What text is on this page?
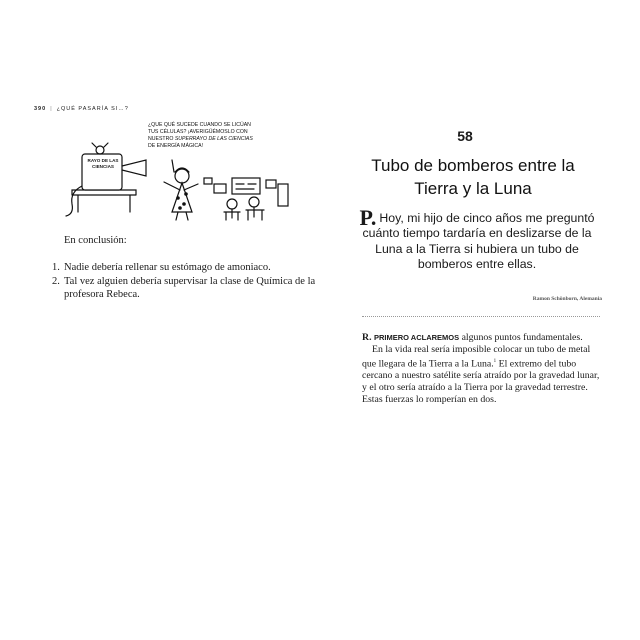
390 | ¿QUÉ PASARÍA SI…?
¿QUE QUÉ SUCEDE CUANDO SE LICÚAN
TUS CÉLULAS? ¡AVERIGÜÉMOSLO CON
NUESTRO SUPERRAYO DE LAS CIENCIAS
DE ENERGÍA MÁGICA!
RAYO DE LAS CIENCIAS
En conclusión:
1. Nadie debería rellenar su estómago de amoniaco.
2. Tal vez alguien debería supervisar la clase de Química de la profesora Rebeca.
58
Tubo de bomberos entre la Tierra y la Luna
P. Hoy, mi hijo de cinco años me preguntó cuánto tiempo tardaría en deslizarse de la Luna a la Tierra si hubiera un tubo de bomberos entre ellas.
Ramon Schönborn, Alemania

R. PRIMERO ACLAREMOS algunos puntos fundamentales.

En la vida real sería imposible colocar un tubo de metal que llegara de la Tierra a la Luna.$^1$ El extremo del tubo cercano a nuestro satélite sería atraído por la gravedad lunar, y el otro sería atraído a la Tierra por la gravedad terrestre. Estas fuerzas lo romperían en dos.
